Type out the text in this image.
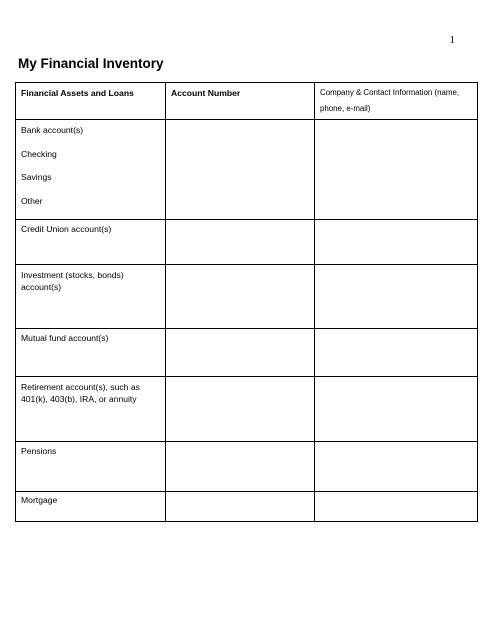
1
My Financial Inventory
Financial Assets and Loans	Account Number	Company & Contact Information (name,
phone, e-mail)

Bank account(s)
Checking
Savings
Other		

Credit Union account(s)		

Investment (stocks, bonds)
account(s)		

Mutual fund account(s)		

Retirement account(s), such as
401(k), 403(b), IRA, or annuity		

Pensions		

Mortgage		
